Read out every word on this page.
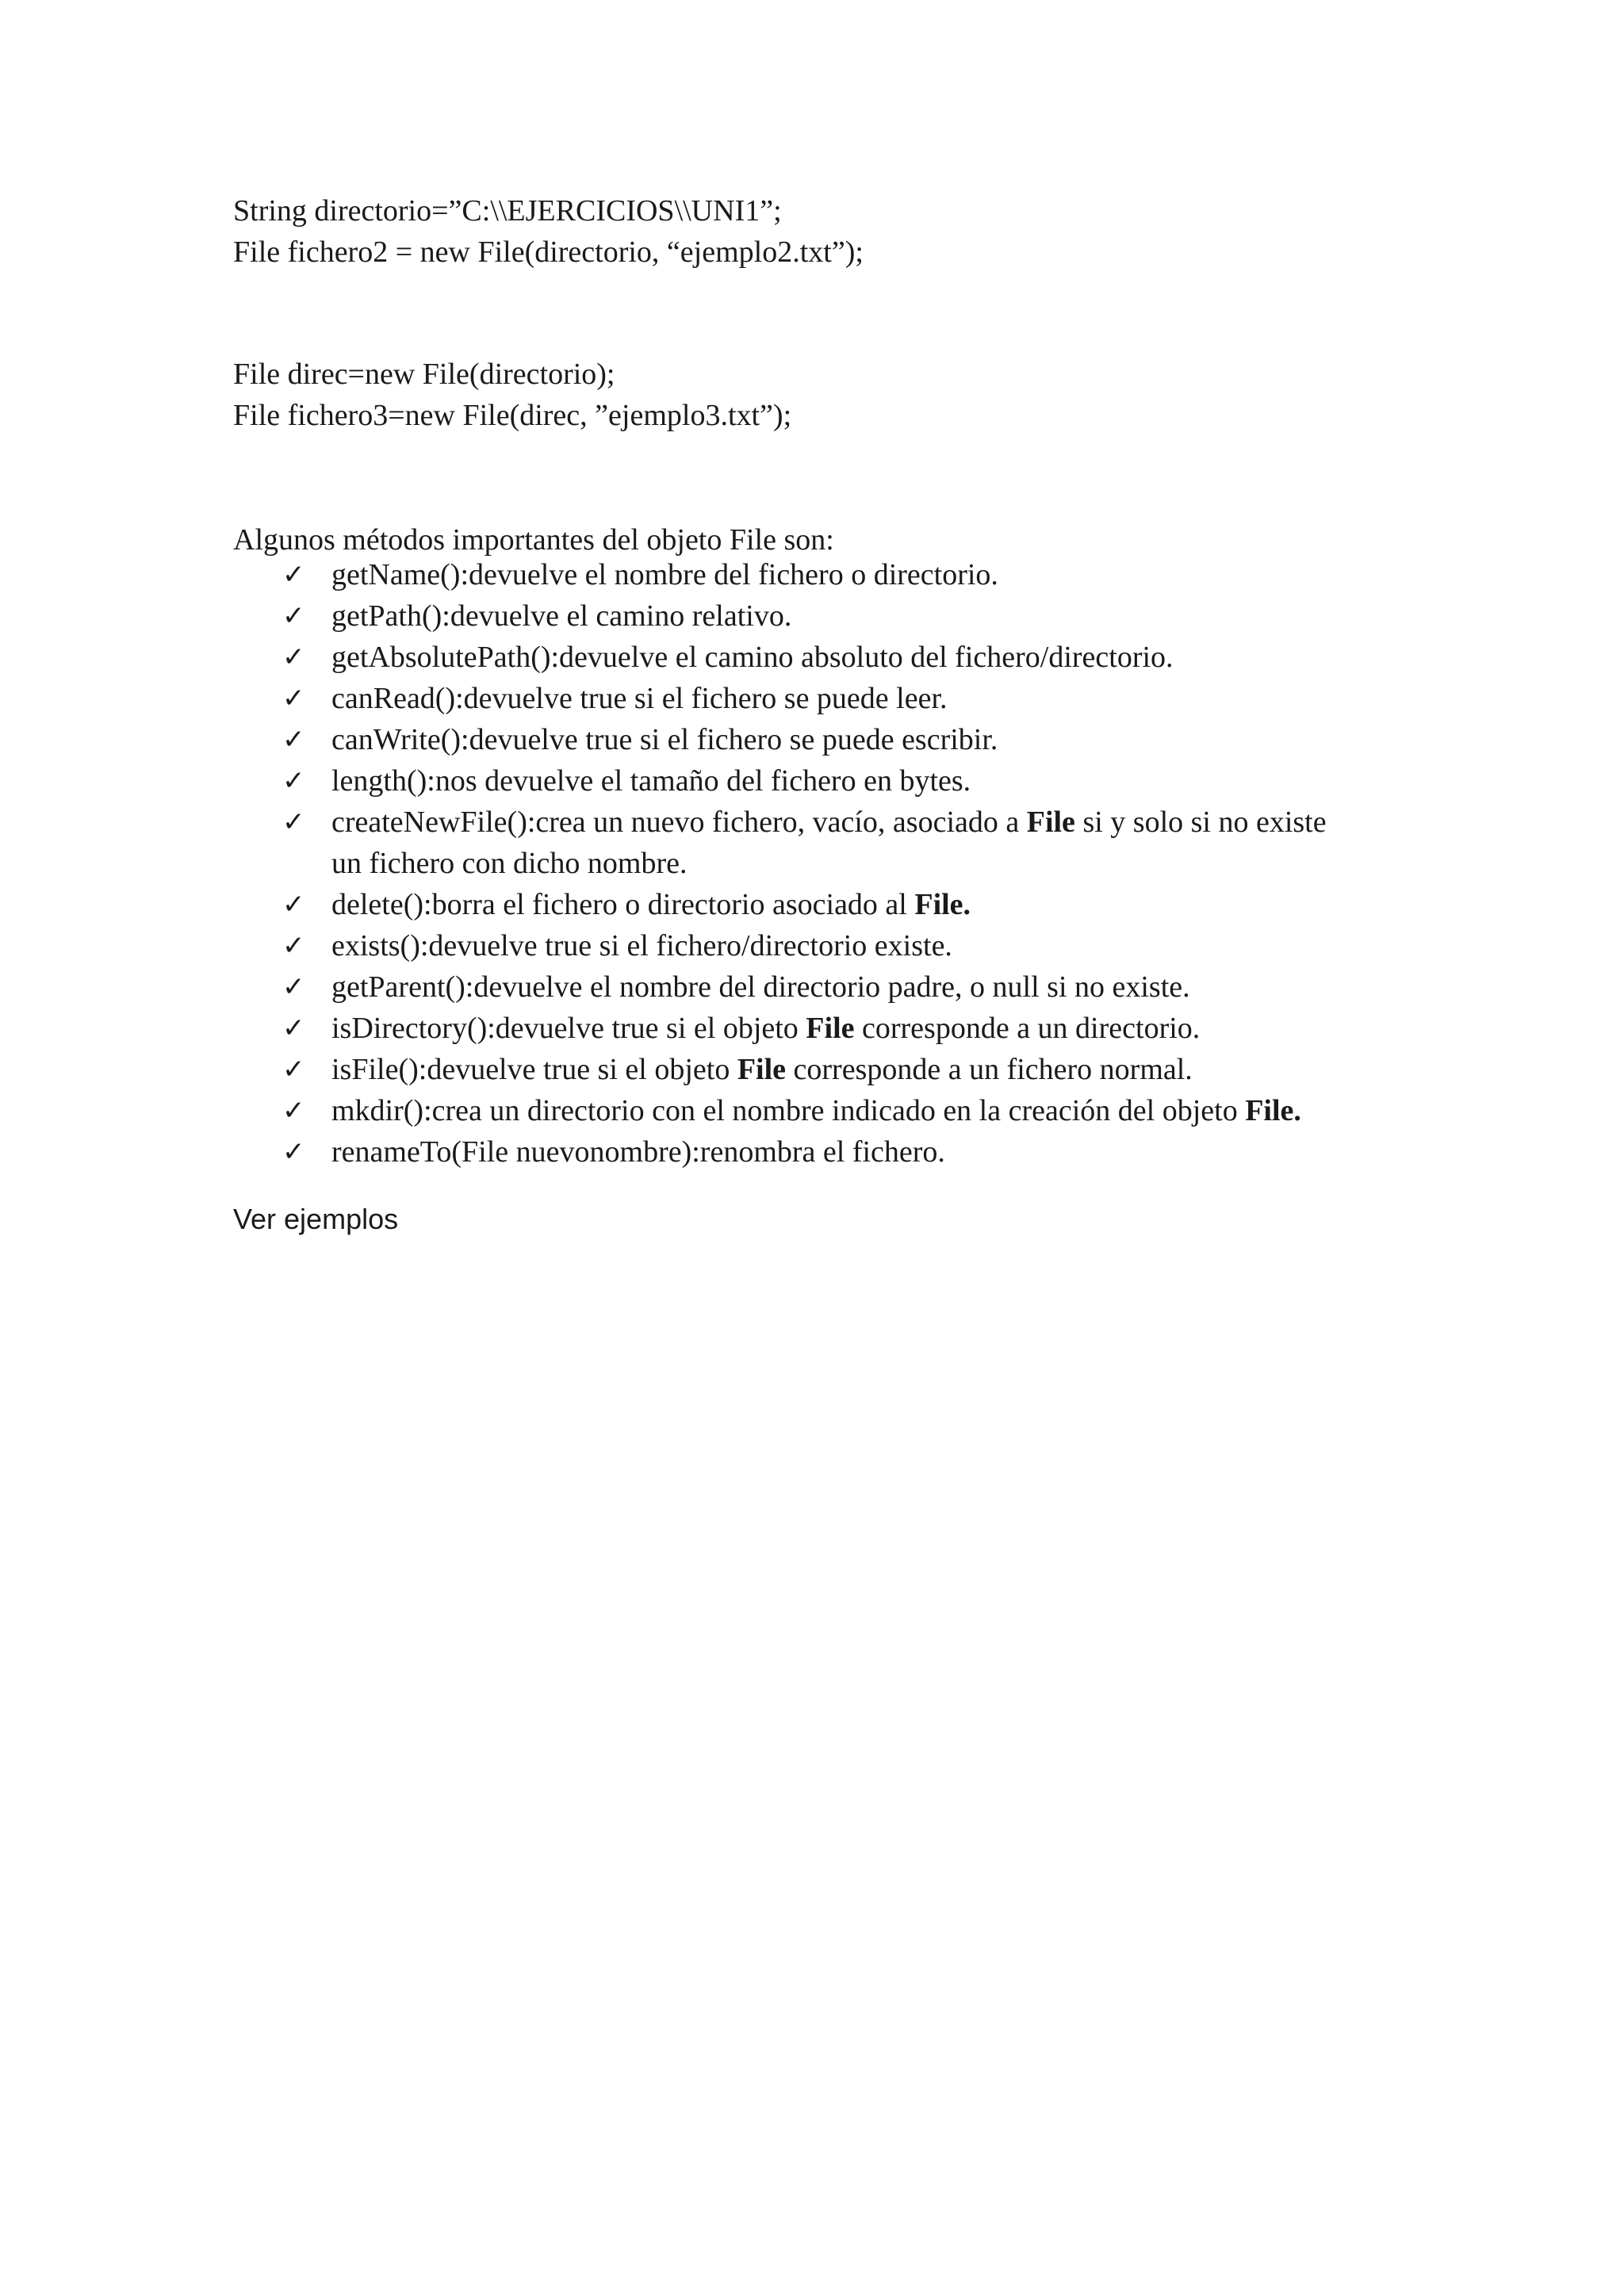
String directorio=”C:\\EJERCICIOS\\UNI1”;
File fichero2 = new File(directorio, “ejemplo2.txt”);
File direc=new File(directorio);
File fichero3=new File(direc, ”ejemplo3.txt”);
Algunos métodos importantes del objeto File son:
✓ getName():devuelve el nombre del fichero o directorio.
✓ getPath():devuelve el camino relativo.
✓ getAbsolutePath():devuelve el camino absoluto del fichero/directorio.
✓ canRead():devuelve true si el fichero se puede leer.
✓ canWrite():devuelve true si el fichero se puede escribir.
✓ length():nos devuelve el tamaño del fichero en bytes.
✓ createNewFile():crea un nuevo fichero, vacío, asociado a File si y solo si no existe
un fichero con dicho nombre.
✓ delete():borra el fichero o directorio asociado al File.
✓ exists():devuelve true si el fichero/directorio existe.
✓ getParent():devuelve el nombre del directorio padre, o null si no existe.
✓ isDirectory():devuelve true si el objeto File corresponde a un directorio.
✓ isFile():devuelve true si el objeto File corresponde a un fichero normal.
✓ mkdir():crea un directorio con el nombre indicado en la creación del objeto File.
✓ renameTo(File nuevonombre):renombra el fichero.
Ver ejemplos
